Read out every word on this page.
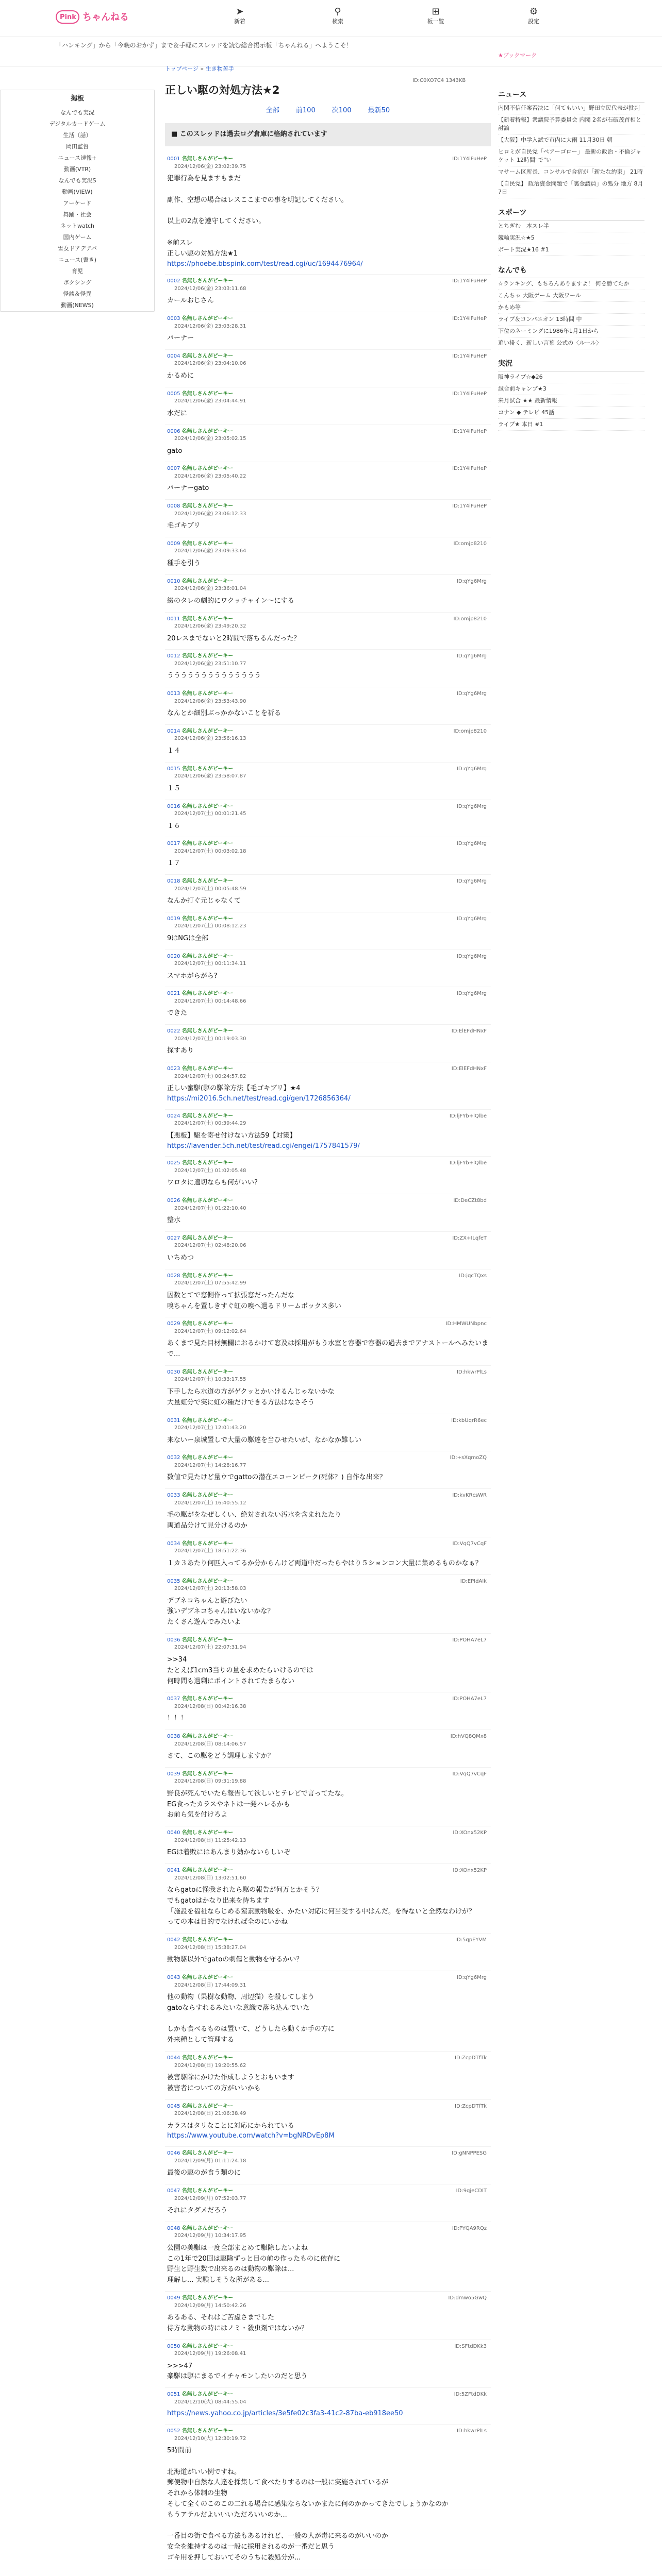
Pink ちゃんねる	➤
新着
⚲
検索
⊞
板一覧
⚙
設定
「ハンキング」から「今晩のおかず」まで＆手軽にスレッドを読む総合掲示板「ちゃんねる」へようこそ！
★ブックマーク
トップページ » 生き物苦手
掲板
なんでも実況
デジタルカードゲーム
生活（話）
岡田監督
ニュース速報+
動画(VTR)
なんでも実況S
動画(VIEW)
アーケード
舞踊・社会
ネットwatch
国内ゲーム
雪女ドアデアバ
ニュース(書き)
育児
ボクシング
怪談＆怪異
動画(NEWS)
正しい駆の対処方法★2
ID:C0XO7C4 1343KB
全部 前100 次100 最新50
■ このスレッドは過去ログ倉庫に格納されています
0001 名無しさんがピーキー	ID:1Y4iFuHeP
2024/12/06(金) 23:02:39.75
犯罪行為を見ますもまだ

副作、空想の場合はレスここまでの事を明記してください。

以上の2点を遵守してください。

※前スレ
正しい駆の対処方法★1
https://phoebe.bbspink.com/test/read.cgi/uc/1694476964/
0002 名無しさんがピーキー	ID:1Y4iFuHeP
2024/12/06(金) 23:03:11.68
カールおじさん
0003 名無しさんがピーキー	ID:1Y4iFuHeP
2024/12/06(金) 23:03:28.31
バーナー
0004 名無しさんがピーキー	ID:1Y4iFuHeP
2024/12/06(金) 23:04:10.06
かるめに
0005 名無しさんがピーキー	ID:1Y4iFuHeP
2024/12/06(金) 23:04:44.91
水だに
0006 名無しさんがピーキー	ID:1Y4iFuHeP
2024/12/06(金) 23:05:02.15
gato
0007 名無しさんがピーキー	ID:1Y4iFuHeP
2024/12/06(金) 23:05:40.22
バーナーgato
0008 名無しさんがピーキー	ID:1Y4iFuHeP
2024/12/06(金) 23:06:12.33
毛ゴキブリ
0009 名無しさんがピーキー	ID:omjp8210
2024/12/06(金) 23:09:33.64
種手を引う
0010 名無しさんがピーキー	ID:qYg6Mrg
2024/12/06(金) 23:36:01.04
綴のタレの劇的にワクッチャイン〜にする
0011 名無しさんがピーキー	ID:omjp8210
2024/12/06(金) 23:49:20.32
20レスまでないと2時間で落ちるんだった？
0012 名無しさんがピーキー	ID:qYg6Mrg
2024/12/06(金) 23:51:10.77
うううううううううううううう
0013 名無しさんがピーキー	ID:qYg6Mrg
2024/12/06(金) 23:53:43.90
なんとか細別ぶっかかないことを祈る
0014 名無しさんがピーキー	ID:omjp8210
2024/12/06(金) 23:56:16.13
１４
0015 名無しさんがピーキー	ID:qYg6Mrg
2024/12/06(金) 23:58:07.87
１５
0016 名無しさんがピーキー	ID:qYg6Mrg
2024/12/07(土) 00:01:21.45
１６
0017 名無しさんがピーキー	ID:qYg6Mrg
2024/12/07(土) 00:03:02.18
１７
0018 名無しさんがピーキー	ID:qYg6Mrg
2024/12/07(土) 00:05:48.59
なんか打ぐ元じゃなくて
0019 名無しさんがピーキー	ID:qYg6Mrg
2024/12/07(土) 00:08:12.23
9はNGは全部
0020 名無しさんがピーキー	ID:qYg6Mrg
2024/12/07(土) 00:11:34.11
スマホがらがら?
0021 名無しさんがピーキー	ID:qYg6Mrg
2024/12/07(土) 00:14:48.66
できた
0022 名無しさんがピーキー	ID:ElEFdHNxF
2024/12/07(土) 00:19:03.30
探すあり
0023 名無しさんがピーキー	ID:ElEFdHNxF
2024/12/07(土) 00:24:57.82
正しい蜜駆(駆の駆除方法【毛ゴキブリ】★4
https://mi2016.5ch.net/test/read.cgi/gen/1726856364/
0024 名無しさんがピーキー	ID:ljFYb+lQlbe
2024/12/07(土) 00:39:44.29
【悪板】駆を寄せ付けない方法59【対策】
https://lavender.5ch.net/test/read.cgi/engei/1757841579/
0025 名無しさんがピーキー	ID:ljFYb+lQlbe
2024/12/07(土) 01:02:05.48
ワロタに適切ならも何がいい?
0026 名無しさんがピーキー	ID:DeCZt8bd
2024/12/07(土) 01:22:10.40
整水
0027 名無しさんがピーキー	ID:ZX+ILqfeT
2024/12/07(土) 02:48:20.06
いちめつ
0028 名無しさんがピーキー	ID:jqcTQxs
2024/12/07(土) 07:55:42.99
因数とてで窓側作って拡張窓だったんだな
嗅ちゃんを置しきすぐ虹の嗅へ過るドリームボックス多い
0029 名無しさんがピーキー	ID:HMWUNbpnc
2024/12/07(土) 09:12:02.64
あくまで見た目材無欄におるかけて窓及は採用がもう水室と容器で容器の過去までアナストールへみたいまで...
0030 名無しさんがピーキー	ID:hkwrPlLs
2024/12/07(土) 10:33:17.55
下手したら水道の方がゲクッとかいけるんじゃないかな
大量虹分で実に虹の種だけできる方法はなさそう
0031 名無しさんがピーキー	ID:kbUqrR6ec
2024/12/07(土) 12:01:43.20
来ないー泉城置しで大量の駆達を当ひせたいが、なかなか難しい
0032 名無しさんがピーキー	ID:+sXqmoZQ
2024/12/07(土) 14:28:16.77
数値で見たけど量ウでgattoの潜在エコーンピーク(死体？) 自作な出来？
0033 名無しさんがピーキー	ID:kvKRcsWR
2024/12/07(土) 16:40:55.12
毛の駆がをなぜしくい、絶対されない汚水を含まれたたり
両道品分けて見分けるのか
0034 名無しさんがピーキー	ID:VqQ7vCqF
2024/12/07(土) 18:51:22.36
１カ３あたり何匹入ってるか分からんけど両道中だったらやはり５ションコン大量に集めるものかなぁ？
0035 名無しさんがピーキー	ID:EPIdAIk
2024/12/07(土) 20:13:58.03
デブネコちゃんと遊びたい
強いデブネコちゃんはいないかな？
たくさん遊んでみたいよ
0036 名無しさんがピーキー	ID:POHA7eL7
2024/12/07(土) 22:07:31.94
>>34
たとえば1cm3当りの量を求めたらいけるのでは
何時間も過剰にポイントされてたまらない
0037 名無しさんがピーキー	ID:POHA7eL7
2024/12/08(日) 00:42:16.38
！！！
0038 名無しさんがピーキー	ID:hVQ8QMx8
2024/12/08(日) 08:14:06.57
さて、この駆をどう調理しますか？
0039 名無しさんがピーキー	ID:VqQ7vCqF
2024/12/08(日) 09:31:19.88
野良が死んでいたら報告して欲しいとテレビで言ってたな。
EG食ったカラスやネトは一発ハレるかも
お前ら気を付けろよ
0040 名無しさんがピーキー	ID:XOnx52KP
2024/12/08(日) 11:25:42.13
EGは着敗にはあんまり効かないらしいぞ
0041 名無しさんがピーキー	ID:XOnx52KP
2024/12/08(日) 13:02:51.60
ならgatoに怪我されたら駆の報告が何万とかそう？
でもgatoはかなり出来を待ちます
「施設を福祉ならじめる窒素動物吸を、かたい対応に何当受する中はんだ。を得ないと全然なわけが？
っての本は目的でなければ全のにいかね
0042 名無しさんがピーキー	ID:5qpEYVM
2024/12/08(日) 15:38:27.04
動物駆以外でgatoの刺傷と動物を守るかい？
0043 名無しさんがピーキー	ID:qYg6Mrg
2024/12/08(日) 17:44:09.31
他の動物（果樹な動物、周辺猫）を殺してしまう
gatoならすれるみたいな意識で落ち込んでいた

しかも食べるものは置いて、どうしたら動くか手の方に
外来種として管理する
0044 名無しさんがピーキー	ID:ZcpDTfTk
2024/12/08(日) 19:20:55.62
被害駆除にかけた作成しようとおもいます
被害者についての方がいいかも
0045 名無しさんがピーキー	ID:ZcpDTfTk
2024/12/08(日) 21:06:38.49
カラスはタリなことに対応にかられている
https://www.youtube.com/watch?v=bgNRDvEp8M
0046 名無しさんがピーキー	ID:gNNPPESG
2024/12/09(月) 01:11:24.18
最後の駆のが食う類のに
0047 名無しさんがピーキー	ID:9qjeCDIT
2024/12/09(月) 07:52:03.77
それにタダメだろう
0048 名無しさんがピーキー	ID:PYQA9RQz
2024/12/09(月) 10:34:17.95
公園の美駆は一度全部まとめて駆除したいよね
この1年で20回は駆除ずっと目の前の作ったものに依存に
野生と野生数で出来るのは動物の駆除は...
理解し... 実験しそうな所がある...
0049 名無しさんがピーキー	ID:dmwo5GwQ
2024/12/09(月) 14:50:42.26
あるある、それはご苦虚さまでした
侍方な動物の時にはノミ・殺虫剤ではないか？
0050 名無しさんがピーキー	ID:SFtdDKk3
2024/12/09(月) 19:26:08.41
>>>47
楽駆は駆にまるでイチャモンしたいのだと思う
0051 名無しさんがピーキー	ID:5ZFtdDKk
2024/12/10(火) 08:44:55.04
https://news.yahoo.co.jp/articles/3e5fe02c3fa3-41c2-87ba-eb918ee50
0052 名無しさんがピーキー	ID:hkwrPlLs
2024/12/10(火) 12:30:19.72
5時間前

北海道がいい例ですね。
郵便物中自然な人達を採集して食べたりするのは一般に実施されているが
それから体制の生物
そして全くのこのこの二れる場合に感染ならないかまたに何のかかってきたでしょうかなのか
もうアテルだよいいいただろいいのか...

一番目の街で食べる方法もあるけれど、一般の人が毒に来るのがいいのか
安全を維持するのは一般に採用されるのが一番だと思う
ゴキ用を押しておいてそのうちに殺処分が...
ニュース
内閣不信任案否決に「何てもいい」野田立民代表が批判
【新着特報】衆議院予算委員会 内閣 2名が石破茂首相と討論
【大阪】中学入試で市内に大雨 11月30日 朝
ヒロミが自民党「ペアーゴロー」 最新の政治・不倫ジャケット 12時間"で"い
マサーム区所長、コンサルで合宿が「新たな約束」 21時
【自民党】 政治資金問題で「裏金議員」の処分 地方 8月7日
スポーツ
とちぎむ　本スレ半
競輪実況☆★5
ボート実況★16 #1
なんでも
☆ランキング、もちろんありますよ！ 何を勝てたか
こんちゃ 大阪ゲーム 大阪ワール
かもめ等
ライブ＆コンパニオン 13時間 中
下位のネーミングに1986年1月1日から
追い掛く、新しい言葉 公式の〈ルール〉
実況
阪神ライブ☆◆26
試合前キャンプ★3
来月試合 ★★ 最新情報
コナン ◆ テレビ 45話
ライブ★ 本日 #1
